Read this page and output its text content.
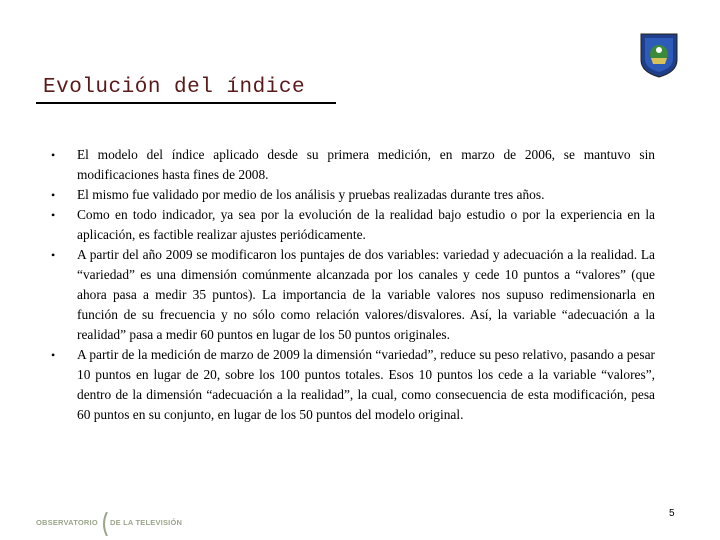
Evolución del índice
• El modelo del índice aplicado desde su primera medición, en marzo de 2006, se mantuvo sin modificaciones hasta fines de 2008.
• El mismo fue validado por medio de los análisis y pruebas realizadas durante tres años.
• Como en todo indicador, ya sea por la evolución de la realidad bajo estudio o por la experiencia en la aplicación, es factible realizar ajustes periódicamente.
• A partir del año 2009 se modificaron los puntajes de dos variables: variedad y adecuación a la realidad. La “variedad” es una dimensión comúnmente alcanzada por los canales y cede 10 puntos a “valores” (que ahora pasa a medir 35 puntos). La importancia de la variable valores nos supuso redimensionarla en función de su frecuencia y no sólo como relación valores/disvalores. Así, la variable “adecuación a la realidad” pasa a medir 60 puntos en lugar de los 50 puntos originales.
• A partir de la medición de marzo de 2009 la dimensión “variedad”, reduce su peso relativo, pasando a pesar 10 puntos en lugar de 20, sobre los 100 puntos totales. Esos 10 puntos los cede a la variable “valores”, dentro de la dimensión “adecuación a la realidad”, la cual, como consecuencia de esta modificación, pesa 60 puntos en su conjunto, en lugar de los 50 puntos del modelo original.
OBSERVATORIO DE LA TELEVISIÓN
5
